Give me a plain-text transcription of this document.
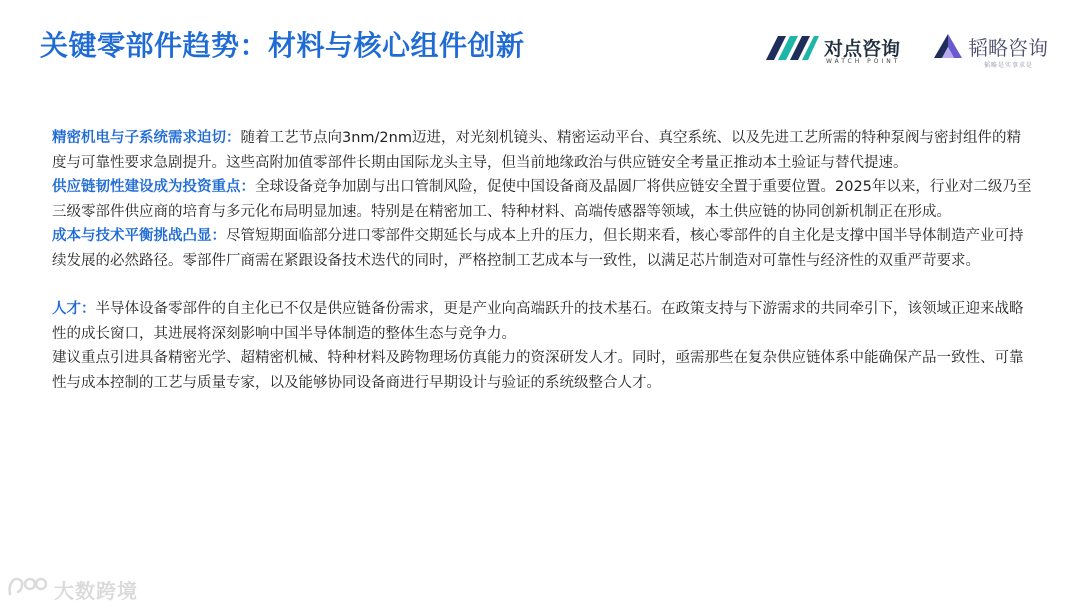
关键零部件趋势：材料与核心组件创新	对点咨询
WATCH POINT
韬略咨询
韬略是实事求是

精密机电与子系统需求迫切：随着工艺节点向3nm/2nm迈进，对光刻机镜头、精密运动平台、真空系统、以及先进工艺所需的特种泵阀与密封组件的精度与可靠性要求急剧提升。这些高附加值零部件长期由国际龙头主导，但当前地缘政治与供应链安全考量正推动本土验证与替代提速。

供应链韧性建设成为投资重点：全球设备竞争加剧与出口管制风险，促使中国设备商及晶圆厂将供应链安全置于重要位置。2025年以来，行业对二级乃至三级零部件供应商的培育与多元化布局明显加速。特别是在精密加工、特种材料、高端传感器等领域，本土供应链的协同创新机制正在形成。

成本与技术平衡挑战凸显：尽管短期面临部分进口零部件交期延长与成本上升的压力，但长期来看，核心零部件的自主化是支撑中国半导体制造产业可持续发展的必然路径。零部件厂商需在紧跟设备技术迭代的同时，严格控制工艺成本与一致性，以满足芯片制造对可靠性与经济性的双重严苛要求。

人才：半导体设备零部件的自主化已不仅是供应链备份需求，更是产业向高端跃升的技术基石。在政策支持与下游需求的共同牵引下，该领域正迎来战略性的成长窗口，其进展将深刻影响中国半导体制造的整体生态与竞争力。

建议重点引进具备精密光学、超精密机械、特种材料及跨物理场仿真能力的资深研发人才。同时，亟需那些在复杂供应链体系中能确保产品一致性、可靠性与成本控制的工艺与质量专家，以及能够协同设备商进行早期设计与验证的系统级整合人才。

大数跨境
